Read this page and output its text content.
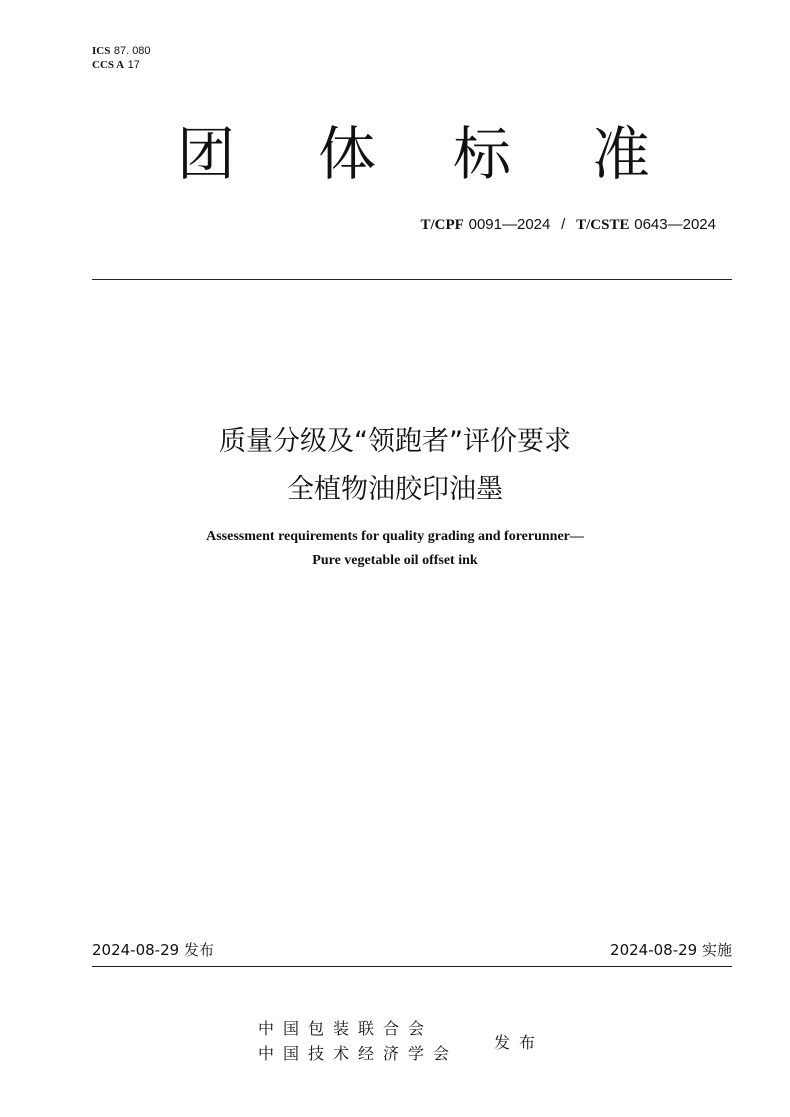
ICS 87. 080
CCS A 17
团 体 标 准
T/CPF 0091—2024 / T/CSTE 0643—2024
质量分级及“领跑者”评价要求
全植物油胶印油墨
Assessment requirements for quality grading and forerunner—
Pure vegetable oil offset ink
2024-08-29 发布	2024-08-29 实施
中国包装联合会
中国技术经济学会
发布
